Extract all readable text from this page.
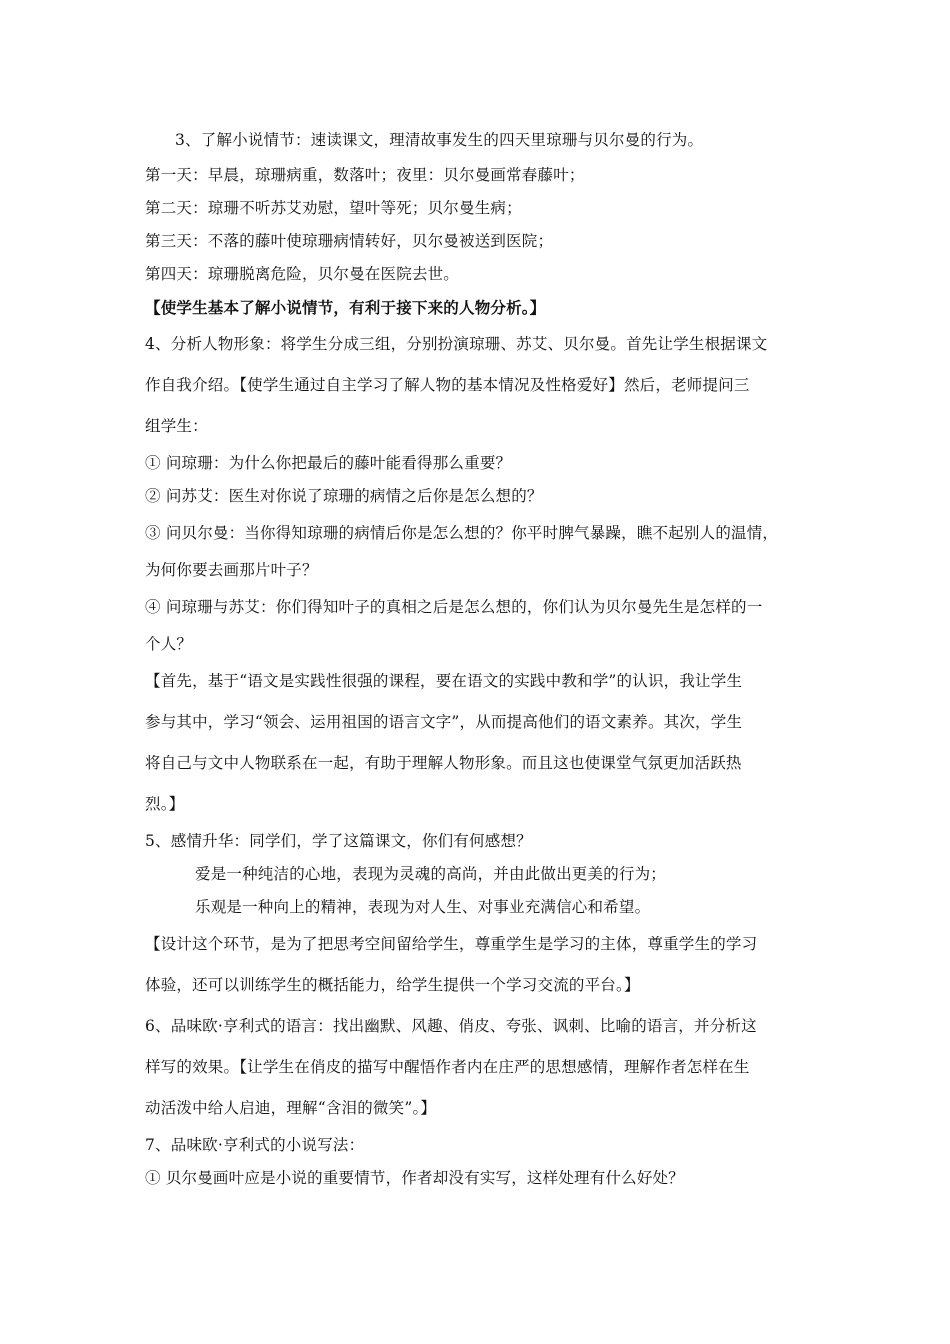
3、了解小说情节：速读课文，理清故事发生的四天里琼珊与贝尔曼的行为。

第一天：早晨，琼珊病重，数落叶；夜里：贝尔曼画常春藤叶；

第二天：琼珊不听苏艾劝慰，望叶等死；贝尔曼生病；

第三天：不落的藤叶使琼珊病情转好，贝尔曼被送到医院；

第四天：琼珊脱离危险，贝尔曼在医院去世。

【使学生基本了解小说情节，有利于接下来的人物分析。】

4、分析人物形象：将学生分成三组，分别扮演琼珊、苏艾、贝尔曼。首先让学生根据课文

作自我介绍。【使学生通过自主学习了解人物的基本情况及性格爱好】然后，老师提问三

组学生：

① 问琼珊：为什么你把最后的藤叶能看得那么重要？

② 问苏艾：医生对你说了琼珊的病情之后你是怎么想的？

③ 问贝尔曼：当你得知琼珊的病情后你是怎么想的？你平时脾气暴躁，瞧不起别人的温情，

为何你要去画那片叶子？

④ 问琼珊与苏艾：你们得知叶子的真相之后是怎么想的，你们认为贝尔曼先生是怎样的一

个人？

【首先，基于“语文是实践性很强的课程，要在语文的实践中教和学”的认识，我让学生

参与其中，学习“领会、运用祖国的语言文字”，从而提高他们的语文素养。其次，学生

将自己与文中人物联系在一起，有助于理解人物形象。而且这也使课堂气氛更加活跃热

烈。】

5、感情升华：同学们，学了这篇课文，你们有何感想？

爱是一种纯洁的心地，表现为灵魂的高尚，并由此做出更美的行为；

乐观是一种向上的精神，表现为对人生、对事业充满信心和希望。

【设计这个环节，是为了把思考空间留给学生，尊重学生是学习的主体，尊重学生的学习

体验，还可以训练学生的概括能力，给学生提供一个学习交流的平台。】

6、品味欧·亨利式的语言：找出幽默、风趣、俏皮、夸张、讽刺、比喻的语言，并分析这

样写的效果。【让学生在俏皮的描写中醒悟作者内在庄严的思想感情，理解作者怎样在生

动活泼中给人启迪，理解“含泪的微笑”。】

7、品味欧·亨利式的小说写法：

① 贝尔曼画叶应是小说的重要情节，作者却没有实写，这样处理有什么好处？
